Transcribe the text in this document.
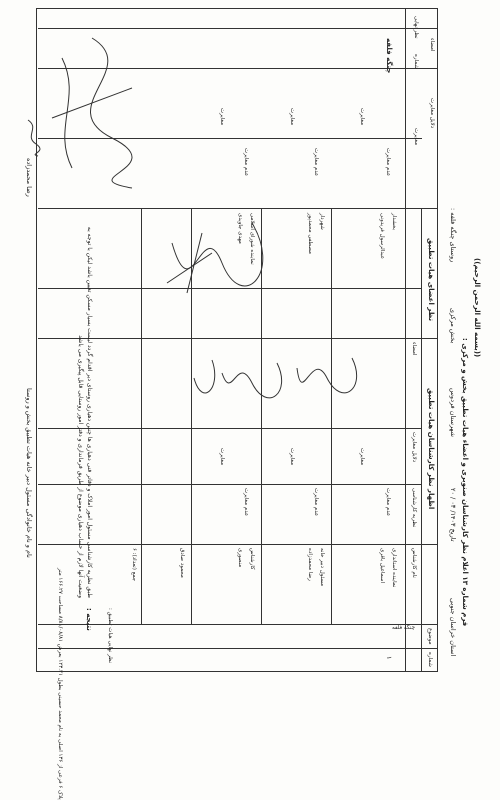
((بسمه الله الرحمن الرحیم))
فرم شماره ۱۳ اعلام نظر کارشناسان صنوبری و اعضاء هیات تطبیق بخش و مرکزی :
استان خراسان جنوبی
تاریخ ۱۴۰۳/ ۰۳ / ۲۰
شهرستان فردوس
بخش مرکزی
روستای چنگه فلفه :
شماره
موضوع
اظهار نظر کارشناسان هیات تطبیق
نام کارشناس
نظریه کارشناسی
دلایل مغایرت
امضاء
نظر اعضای هیات تطبیق
دلایل مغایرت
امضاء
۱
چنگه فلفه
پلاک ۶ فرعی از ۱۳۶ اصلی به نام محمد حسینی بطول ۱۲۳.۲۱ بعرض ۸/۸۱/۰۸/۸۱ مساحت ۱۶۶.۲۷ متر
نماینده استانداری
اسماعیل باقری
عدم مغایرت
مغایرت
مسئول دبیر خانه
رضا محمدزاده
عدم مغایرت
مغایرت
کارشناس
منصوری
عدم مغایرت
مغایرت
محمود صادق
جمع (تعداد): ۶
نظر نهایی هیات تطبیق :
بخشدار
عبدالرسول فریدونی
عدم مغایرت
مغایرت
شهردار
مصطفی محمدپور
عدم مغایرت
مغایرت
نماینده شورای اسلامی
مهدی جاویدی
عدم مغایرت
مغایرت
نتیجه :
طبق نظریه کارشناسی مسئول امور املاک و دفاتر فنی دهیاری ها چنین دهیاری روستای دیر اقدام گردد لیست بسیار مسکن تعیین باشد لیکن با توجه به وضعیت آنها لازم از حساب دهیاری موضوع از طریق فرمانداری و دفتر امور روستایی قابل پیگیری می باشد
چنگه فلفه	شماره
نظر نهایی
مغایرت
نام و نام خانوادگی مسئول دبیر خانه هیات تطبیق بخش و روستا
رضا محمدزاده
